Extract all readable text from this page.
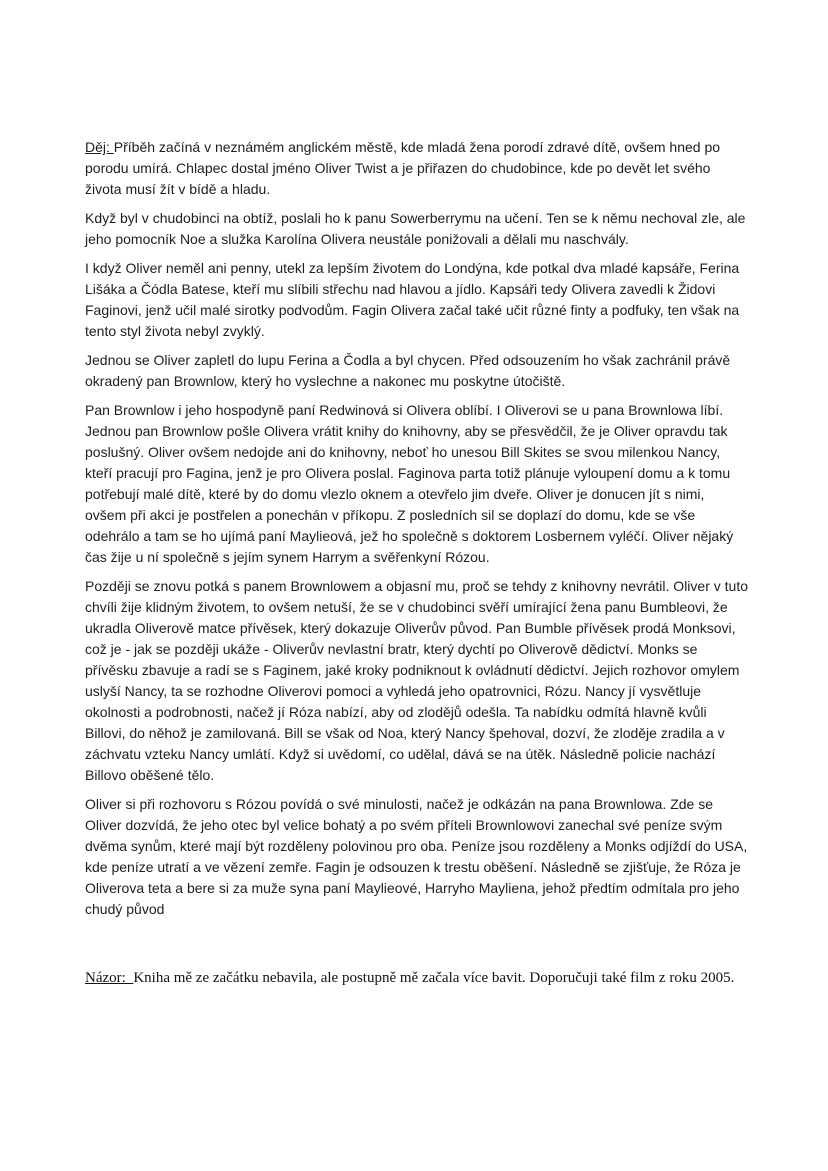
Děj: Příběh začíná v neznámém anglickém městě, kde mladá žena porodí zdravé dítě, ovšem hned po porodu umírá. Chlapec dostal jméno Oliver Twist a je přiřazen do chudobince, kde po devět let svého života musí žít v bídě a hladu.

Když byl v chudobinci na obtíž, poslali ho k panu Sowerberrymu na učení. Ten se k němu nechoval zle, ale jeho pomocník Noe a služka Karolína Olivera neustále ponižovali a dělali mu naschvály.

I když Oliver neměl ani penny, utekl za lepším životem do Londýna, kde potkal dva mladé kapsáře, Ferina Lišáka a Čódla Batese, kteří mu slíbili střechu nad hlavou a jídlo. Kapsáři tedy Olivera zavedli k Židovi Faginovi, jenž učil malé sirotky podvodům. Fagin Olivera začal také učit různé finty a podfuky, ten však na tento styl života nebyl zvyklý.

Jednou se Oliver zapletl do lupu Ferina a Čodla a byl chycen. Před odsouzením ho však zachránil právě okradený pan Brownlow, který ho vyslechne a nakonec mu poskytne útočiště.

Pan Brownlow i jeho hospodyně paní Redwinová si Olivera oblíbí. I Oliverovi se u pana Brownlowa líbí.

Jednou pan Brownlow pošle Olivera vrátit knihy do knihovny, aby se přesvědčil, že je Oliver opravdu tak poslušný. Oliver ovšem nedojde ani do knihovny, neboť ho unesou Bill Skites se svou milenkou Nancy, kteří pracují pro Fagina, jenž je pro Olivera poslal. Faginova parta totiž plánuje vyloupení domu a k tomu potřebují malé dítě, které by do domu vlezlo oknem a otevřelo jim dveře. Oliver je donucen jít s nimi, ovšem při akci je postřelen a ponechán v příkopu. Z posledních sil se doplazí do domu, kde se vše odehrálo a tam se ho ujímá paní Maylieová, jež ho společně s doktorem Losbernem vyléčí. Oliver nějaký čas žije u ní společně s jejím synem Harrym a svěřenkyní Rózou.

Později se znovu potká s panem Brownlowem a objasní mu, proč se tehdy z knihovny nevrátil. Oliver v tuto chvíli žije klidným životem, to ovšem netuší, že se v chudobinci svěří umírající žena panu Bumbleovi, že ukradla Oliverově matce přívěsek, který dokazuje Oliverův původ. Pan Bumble přívěsek prodá Monksovi, což je - jak se později ukáže - Oliverův nevlastní bratr, který dychtí po Oliverově dědictví. Monks se přívěsku zbavuje a radí se s Faginem, jaké kroky podniknout k ovládnutí dědictví. Jejich rozhovor omylem uslyší Nancy, ta se rozhodne Oliverovi pomoci a vyhledá jeho opatrovnici, Rózu. Nancy jí vysvětluje okolnosti a podrobnosti, načež jí Róza nabízí, aby od zlodějů odešla. Ta nabídku odmítá hlavně kvůli Billovi, do něhož je zamilovaná. Bill se však od Noa, který Nancy špehoval, dozví, že zloděje zradila a v záchvatu vzteku Nancy umlátí. Když si uvědomí, co udělal, dává se na útěk. Následně policie nachází Billovo oběšené tělo.

Oliver si při rozhovoru s Rózou povídá o své minulosti, načež je odkázán na pana Brownlowa. Zde se Oliver dozvídá, že jeho otec byl velice bohatý a po svém příteli Brownlowovi zanechal své peníze svým dvěma synům, které mají být rozděleny polovinou pro oba. Peníze jsou rozděleny a Monks odjíždí do USA, kde peníze utratí a ve vězení zemře. Fagin je odsouzen k trestu oběšení. Následně se zjišťuje, že Róza je Oliverova teta a bere si za muže syna paní Maylieové, Harryho Mayliena, jehož předtím odmítala pro jeho chudý původ

Názor:  Kniha mě ze začátku nebavila, ale postupně mě začala více bavit. Doporučuji také film z roku 2005.
